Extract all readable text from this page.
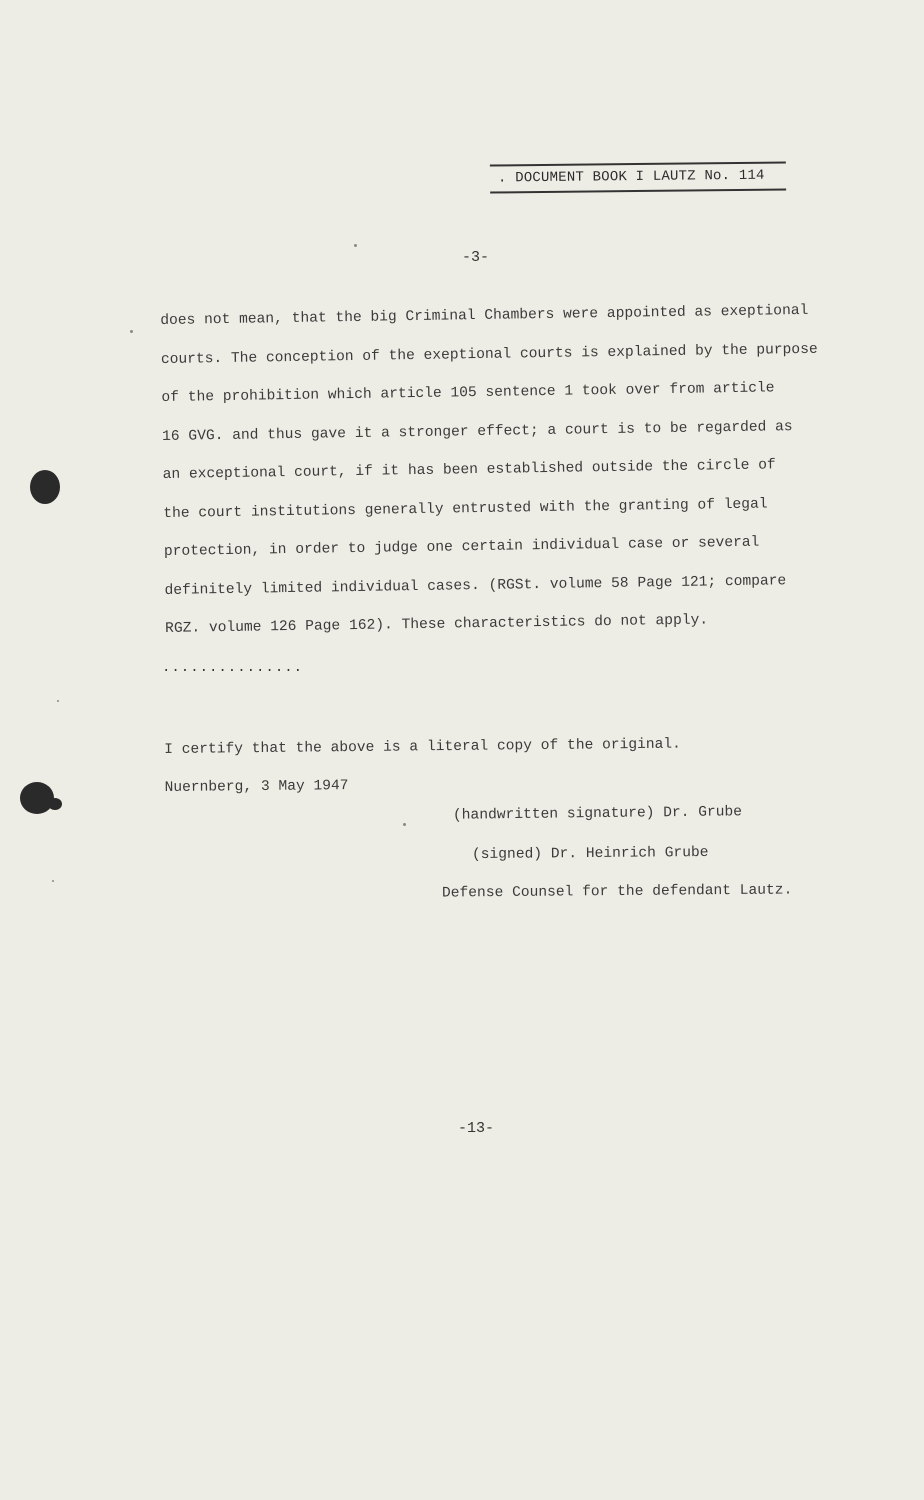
. DOCUMENT BOOK I LAUTZ No. 114
-3-
does not mean, that the big Criminal Chambers were appointed as exeptional
courts. The conception of the exeptional courts is explained by the purpose
of the prohibition which article 105 sentence 1 took over from article
16 GVG. and thus gave it a stronger effect; a court is to be regarded as
an exceptional court, if it has been established outside the circle of
the court institutions generally entrusted with the granting of legal
protection, in order to judge one certain individual case or several
definitely limited individual cases. (RGSt. volume 58 Page 121; compare
RGZ. volume 126 Page 162). These characteristics do not apply.
...............
I certify that the above is a literal copy of the original.
Nuernberg, 3 May 1947
(handwritten signature) Dr. Grube
(signed) Dr. Heinrich Grube
Defense Counsel for the defendant Lautz.
-13-
